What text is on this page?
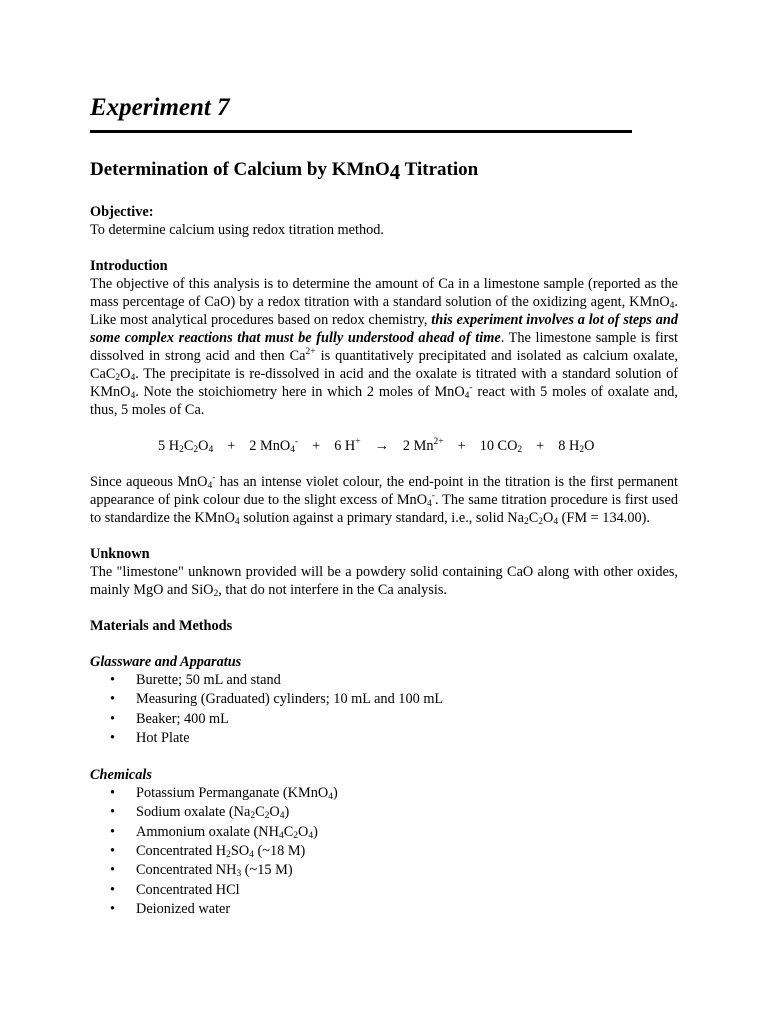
Experiment 7
Determination of Calcium by KMnO$_4$ Titration

Objective:

To determine calcium using redox titration method.

Introduction

The objective of this analysis is to determine the amount of Ca in a limestone sample (reported as the mass percentage of CaO) by a redox titration with a standard solution of the oxidizing agent, KMnO$_4$. Like most analytical procedures based on redox chemistry, this experiment involves a lot of steps and some complex reactions that must be fully understood ahead of time. The limestone sample is first dissolved in strong acid and then $Ca^{2+}$ is quantitatively precipitated and isolated as calcium oxalate, $CaC_2O_4$. The precipitate is re-dissolved in acid and the oxalate is titrated with a standard solution of KMnO$_4$. Note the stoichiometry here in which 2 moles of MnO$_4$- react with 5 moles of oxalate and, thus, 5 moles of Ca.

5 $H_2C_2O_4 + 2$ MnO$_4$- + 6 H+ → 2 $Mn^{2+} + 10$ $CO_2 + 8$ $H_2O$

Since aqueous MnO$_4$- has an intense violet colour, the end-point in the titration is the first permanent appearance of pink colour due to the slight excess of MnO$_4$-. The same titration procedure is first used to standardize the KMnO$_4$ solution against a primary standard, i.e., solid $Na_2C_2O_4$ (FM = 134.00).

Unknown

The "limestone" unknown provided will be a powdery solid containing CaO along with other oxides, mainly MgO and SiO$_2$, that do not interfere in the Ca analysis.

Materials and Methods

Glassware and Apparatus

• Burette; 50 mL and stand
• Measuring (Graduated) cylinders; 10 mL and 100 mL
• Beaker; 400 mL
• Hot Plate

Chemicals

• Potassium Permanganate (KMnO$_4$)
• Sodium oxalate $(Na_2C_2O_4)$
• Ammonium oxalate $(NH_4C_2O_4)$
• Concentrated $H_2SO_4$ (~18 M)
• Concentrated $NH_3$ (~15 M)
• Concentrated HCl
• Deionized water
